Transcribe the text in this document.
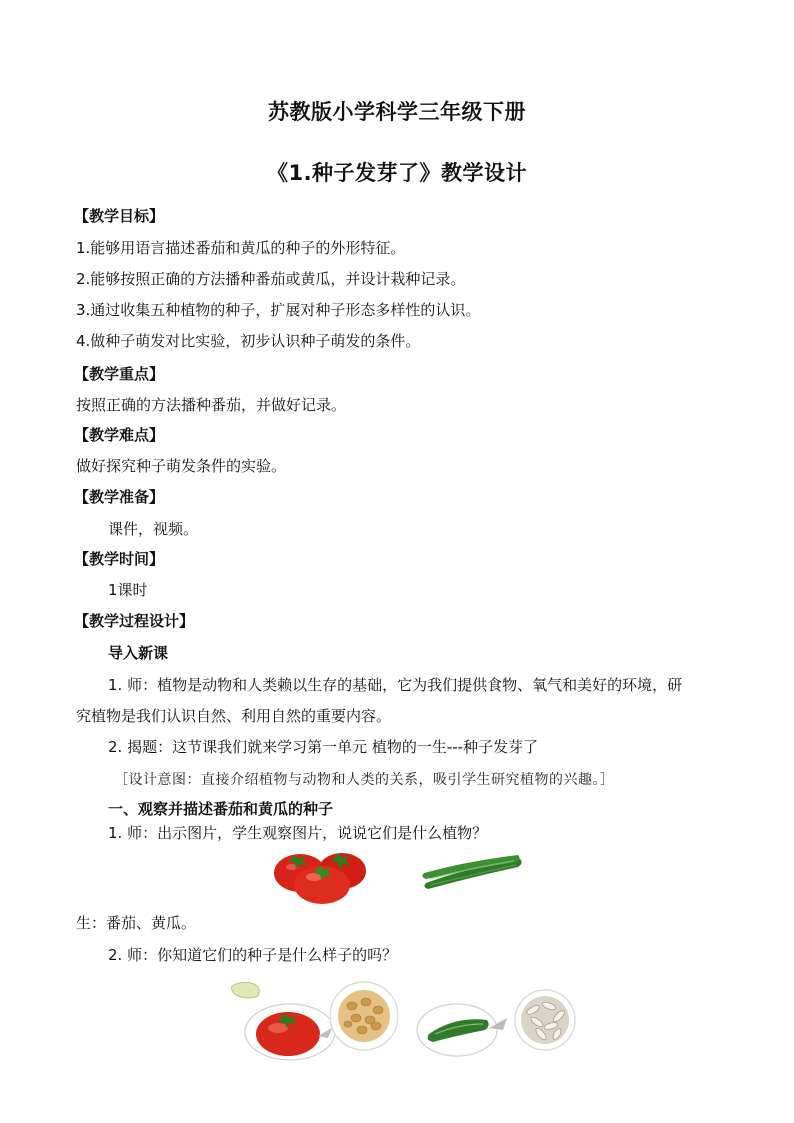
苏教版小学科学三年级下册
《1.种子发芽了》教学设计
【教学目标】
1.能够用语言描述番茄和黄瓜的种子的外形特征。
2.能够按照正确的方法播种番茄或黄瓜，并设计栽种记录。
3.通过收集五种植物的种子，扩展对种子形态多样性的认识。
4.做种子萌发对比实验，初步认识种子萌发的条件。
【教学重点】
按照正确的方法播种番茄，并做好记录。
【教学难点】
做好探究种子萌发条件的实验。
【教学准备】
课件，视频。
【教学时间】
1课时
【教学过程设计】
导入新课
1. 师：植物是动物和人类赖以生存的基础，它为我们提供食物、氧气和美好的环境，研
究植物是我们认识自然、利用自然的重要内容。
2. 揭题：这节课我们就来学习第一单元 植物的一生---种子发芽了
［设计意图：直接介绍植物与动物和人类的关系，吸引学生研究植物的兴趣。］
一、观察并描述番茄和黄瓜的种子
1. 师：出示图片，学生观察图片，说说它们是什么植物？
生：番茄、黄瓜。
2. 师：你知道它们的种子是什么样子的吗？
